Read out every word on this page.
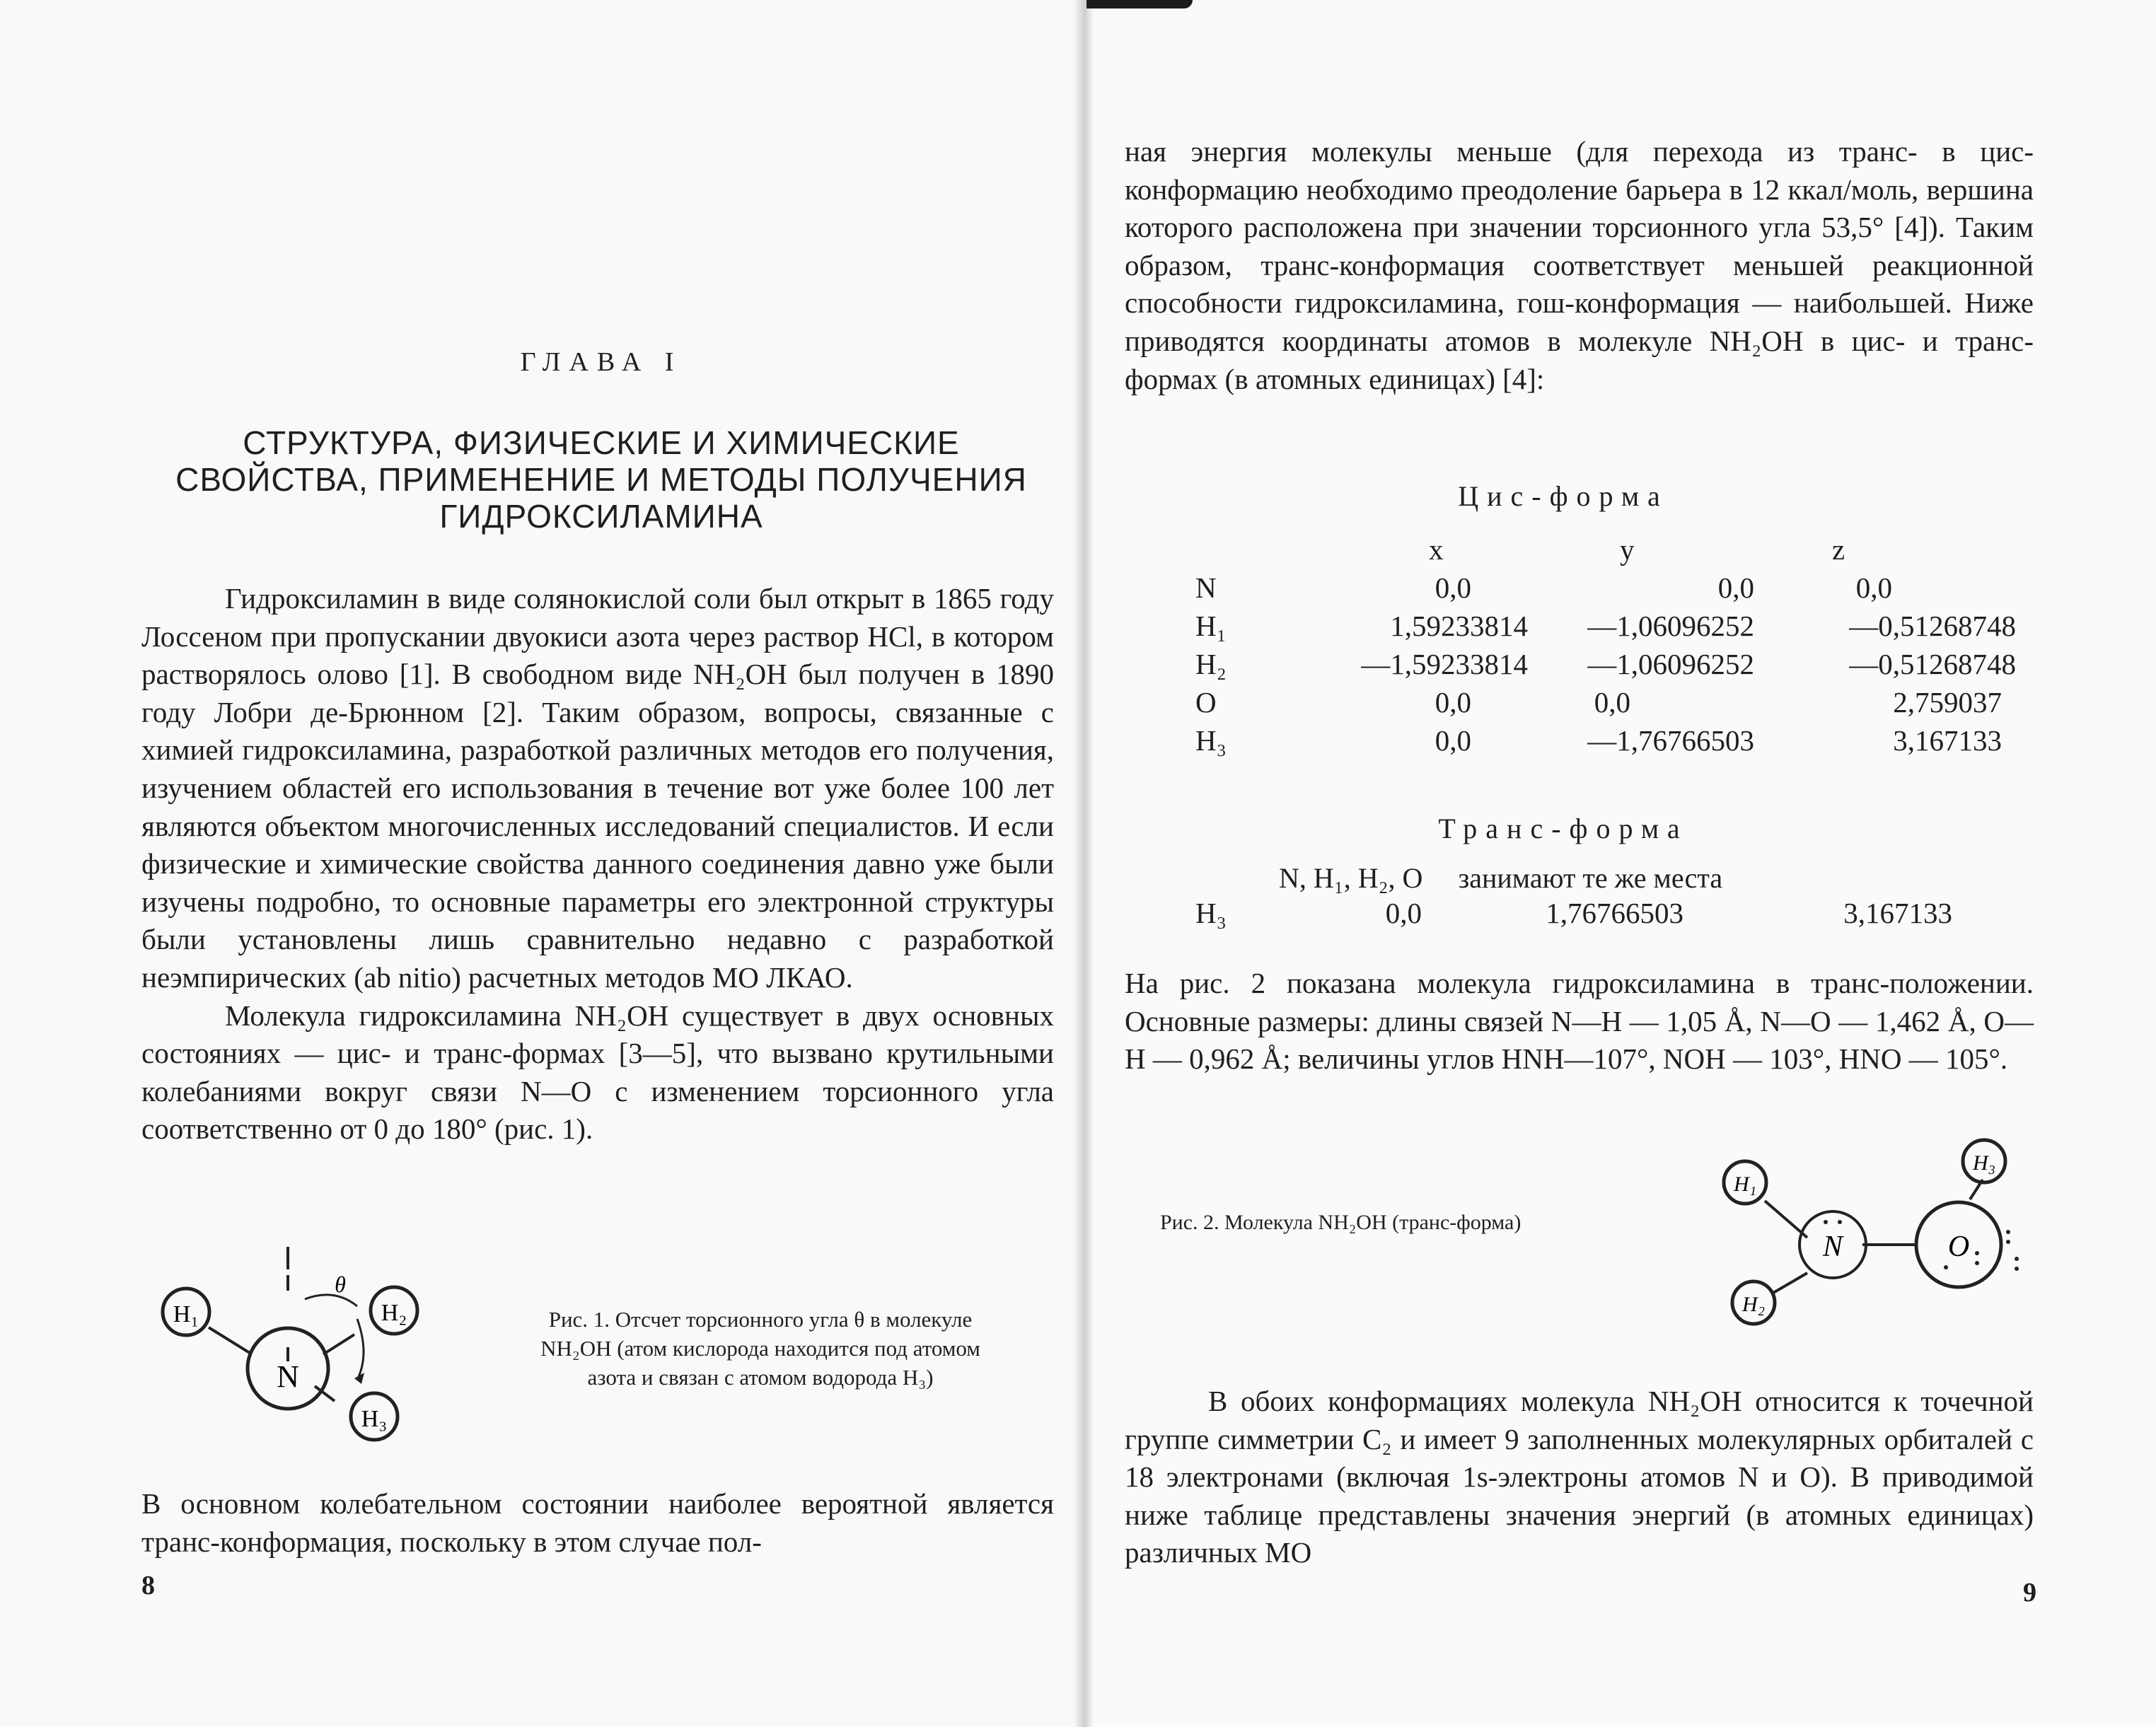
ГЛАВА I
СТРУКТУРА, ФИЗИЧЕСКИЕ И ХИМИЧЕСКИЕ
СВОЙСТВА, ПРИМЕНЕНИЕ И МЕТОДЫ ПОЛУЧЕНИЯ
ГИДРОКСИЛАМИНА

Гидроксиламин в виде солянокислой соли был открыт в 1865 году Лоссеном при пропускании двуокиси азота через раствор HCl, в котором растворялось олово [1]. В свободном виде NH₂OH был получен в 1890 году Лобри де-Брюнном [2]. Таким образом, вопросы, связанные с химией гидроксиламина, разработкой различных методов его получения, изучением областей его использования в течение вот уже более 100 лет являются объектом многочисленных исследований специалистов. И если физические и химические свойства данного соединения давно уже были изучены подробно, то основные параметры его электронной структуры были установлены лишь сравнительно недавно с разработкой неэмпирических (ab nitio) расчетных методов МО ЛКАО.

Молекула гидроксиламина NH₂OH существует в двух основных состояниях — цис- и транс-формах [3—5], что вызвано крутильными колебаниями вокруг связи N—O с изменением торсионного угла соответственно от 0 до 180° (рис. 1).

N
H₁	H₂
H₃
θ
Рис. 1. Отсчет торсионного угла θ в молекуле
NH₂OH (атом кислорода находится под атомом
азота и связан с атомом водорода H₃)

В основном колебательном состоянии наиболее вероятной является транс-конформация, поскольку в этом случае пол-

8

ная энергия молекулы меньше (для перехода из транс- в цис-конформацию необходимо преодоление барьера в 12 ккал/моль, вершина которого расположена при значении торсионного угла 53,5° [4]). Таким образом, транс-конформация соответствует меньшей реакционной способности гидроксиламина, гош-конформация — наибольшей. Ниже приводятся координаты атомов в молекуле NH₂OH в цис- и транс-формах (в атомных единицах) [4]:

Цис-форма
	x	y	z
N	0,0	0,0	0,0
H₁	1,59233814	—1,06096252	—0,51268748
H₂	—1,59233814	—1,06096252	—0,51268748
O	0,0	0,0	2,759037
H₃	0,0	—1,76766503	3,167133
Транс-форма
N, H₁, H₂, O занимают те же места
H₃	0,0	1,76766503	3,167133

На рис. 2 показана молекула гидроксиламина в транс-положении. Основные размеры: длины связей N—H — 1,05 Å, N—O — 1,462 Å, O—H — 0,962 Å; величины углов HNH—107°, NOH — 103°, HNO — 105°.

Рис. 2. Молекула NH₂OH (транс-форма)
N	O
H₁
H₂
H₃

В обоих конформациях молекула NH₂OH относится к точечной группе симметрии C₂ и имеет 9 заполненных молекулярных орбиталей с 18 электронами (включая 1s-электроны атомов N и O). В приводимой ниже таблице представлены значения энергий (в атомных единицах) различных МО

9
